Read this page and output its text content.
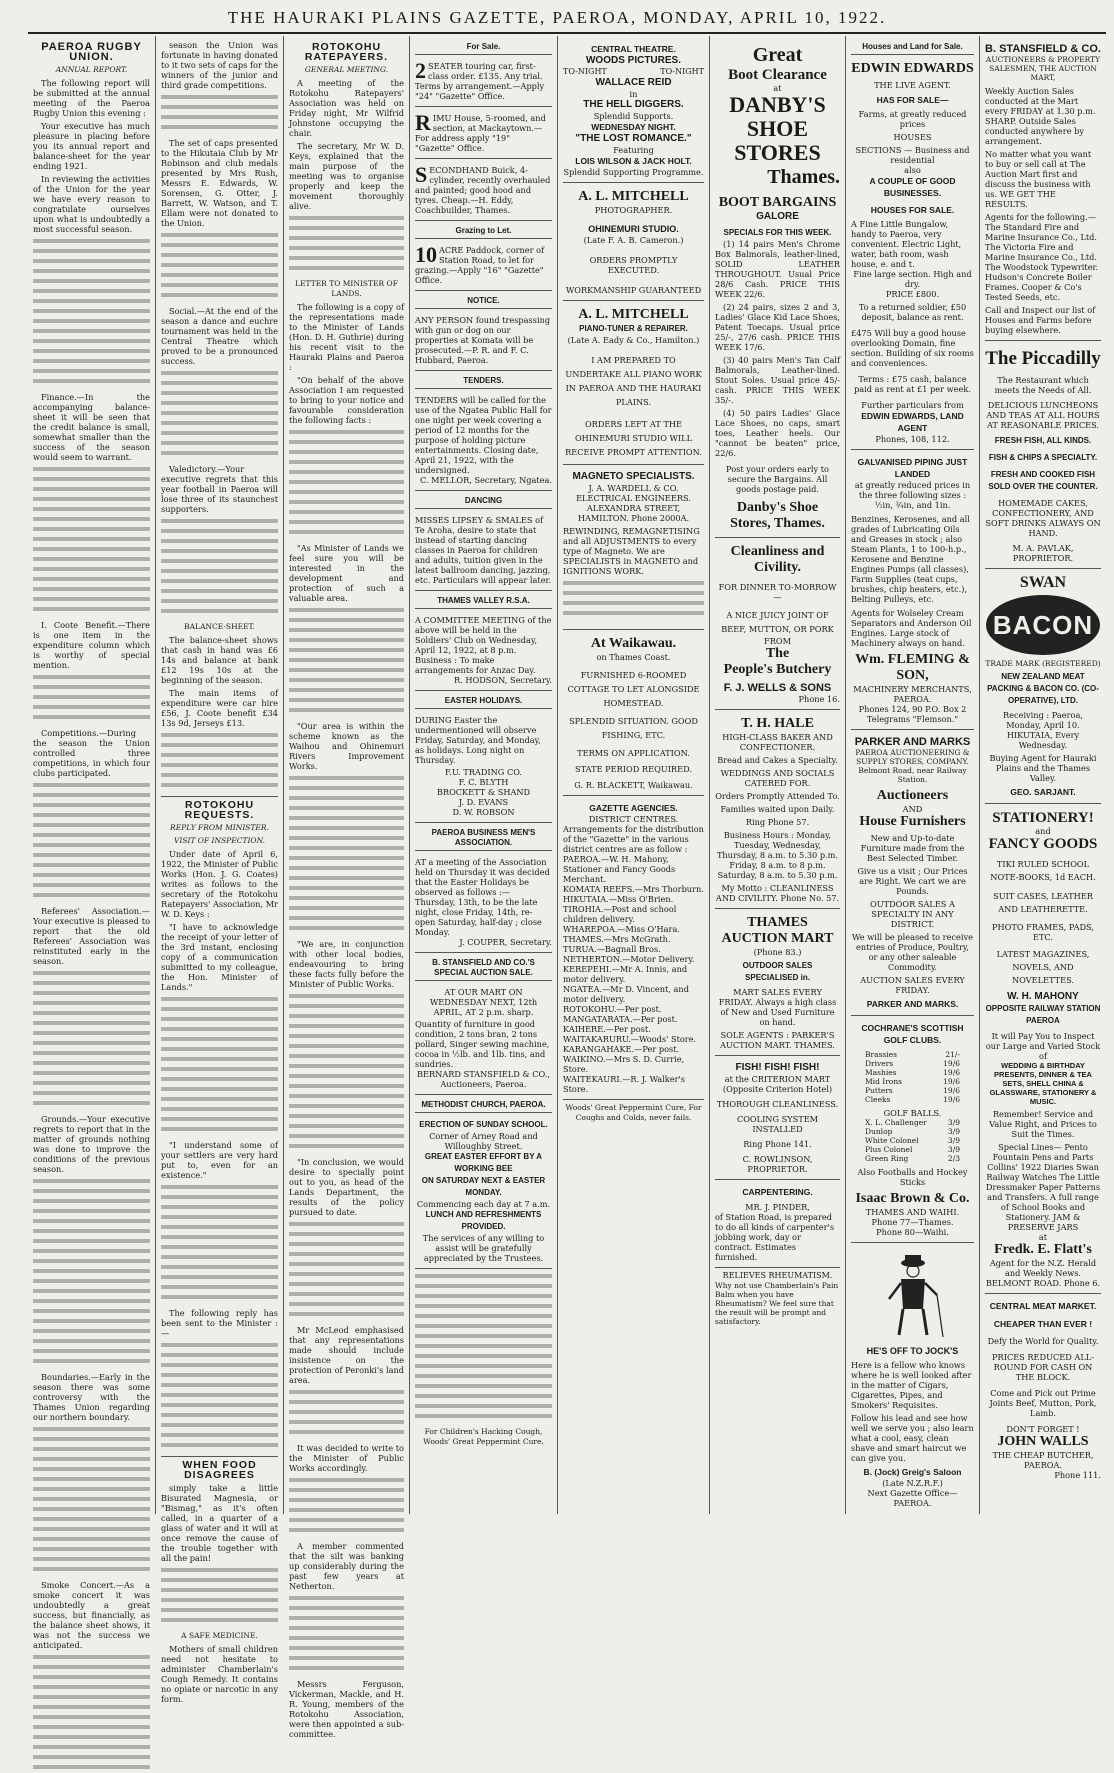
THE HAURAKI PLAINS GAZETTE, PAEROA, MONDAY, APRIL 10, 1922.
PAEROA RUGBY UNION.
ANNUAL REPORT.

The following report will be submitted at the annual meeting of the Paeroa Rugby Union this evening :

Your executive has much pleasure in placing before you its annual report and balance-sheet for the year ending 1921.

In reviewing the activities of the Union for the year we have every reason to congratulate ourselves upon what is undoubtedly a most successful season.

Finance.—In the accompanying balance-sheet it will be seen that the credit balance is small, somewhat smaller than the success of the season would seem to warrant.

I. Coote Benefit.—There is one item in the expenditure column which is worthy of special mention.

Competitions.—During the season the Union controlled three competitions, in which four clubs participated.

Referees' Association.—Your executive is pleased to report that the old Referees' Association was reinstituted early in the season.

Grounds.—Your executive regrets to report that in the matter of grounds nothing was done to improve the conditions of the previous season.

Boundaries.—Early in the season there was some controversy with the Thames Union regarding our northern boundary.

Smoke Concert.—As a smoke concert it was undoubtedly a great success, but financially, as the balance sheet shows, it was not the success we anticipated.

season the Union was fortunate in having donated to it two sets of caps for the winners of the junior and third grade competitions.

The set of caps presented to the Hikutaia Club by Mr Robinson and club medals presented by Mrs Rush, Messrs E. Edwards, W. Sorensen, G. Otter, J. Barrett, W. Watson, and T. Ellam were not donated to the Union.

Social.—At the end of the season a dance and euchre tournament was held in the Central Theatre which proved to be a pronounced success.

Valedictory.—Your executive regrets that this year football in Paeroa will lose three of its staunchest supporters.

BALANCE-SHEET.

The balance-sheet shows that cash in hand was £6 14s and balance at bank £12 19s 10s at the beginning of the season.

The main items of expenditure were car hire £56, J. Coote benefit £34 13s 9d, Jerseys £13.

ROTOKOHU REQUESTS.
REPLY FROM MINISTER.
VISIT OF INSPECTION.

Under date of April 6, 1922, the Minister of Public Works (Hon. J. G. Coates) writes as follows to the secretary of the Rotokohu Ratepayers' Association, Mr W. D. Keys :

"I have to acknowledge the receipt of your letter of the 3rd instant, enclosing copy of a communication submitted to my colleague, the Hon. Minister of Lands."

"I understand some of your settlers are very hard put to, even for an existence."

The following reply has been sent to the Minister :—

WHEN FOOD DISAGREES

simply take a little Bisurated Magnesia, or "Bismag," as it's often called, in a quarter of a glass of water and it will at once remove the cause of the trouble together with all the pain!

A SAFE MEDICINE.

Mothers of small children need not hesitate to administer Chamberlain's Cough Remedy. It contains no opiate or narcotic in any form.

ROTOKOHU RATEPAYERS.
GENERAL MEETING.

A meeting of the Rotokohu Ratepayers' Association was held on Friday night, Mr Wilfrid Johnstone occupying the chair.

The secretary, Mr W. D. Keys, explained that the main purpose of the meeting was to organise properly and keep the movement thoroughly alive.

LETTER TO MINISTER OF LANDS.

The following is a copy of the representations made to the Minister of Lands (Hon. D. H. Guthrie) during his recent visit to the Hauraki Plains and Paeroa :

"On behalf of the above Association I am requested to bring to your notice and favourable consideration the following facts :

"As Minister of Lands we feel sure you will be interested in the development and protection of such a valuable area.

"Our area is within the scheme known as the Waihou and Ohinemuri Rivers Improvement Works.

"We are, in conjunction with other local bodies, endeavouring to bring these facts fully before the Minister of Public Works.

"In conclusion, we would desire to specially point out to you, as head of the Lands Department, the results of the policy pursued to date.

Mr McLeod emphasised that any representations made should include insistence on the protection of Peronki's land area.

It was decided to write to the Minister of Public Works accordingly.

A member commented that the silt was banking up considerably during the past few years at Netherton.

Messrs Ferguson, Vickerman, Mackle, and H. R. Young, members of the Rotokohu Association, were then appointed a sub-committee.

For Sale.
2 SEATER touring car, first-class order. £135. Any trial. Terms by arrangement.—Apply "24" "Gazette" Office.
RIMU House, 5-roomed, and section, at Mackaytown.—For address apply "19" "Gazette" Office.
SECONDHAND Buick, 4-cylinder, recently overhauled and painted; good hood and tyres. Cheap.—H. Eddy, Coachbuilder, Thames.
Grazing to Let.
10 ACRE Paddock, corner of Station Road, to let for grazing.—Apply "16" "Gazette" Office.
NOTICE.
ANY PERSON found trespassing with gun or dog on our properties at Komata will be prosecuted.—P. R. and F. C. Hubbard, Paeroa.
TENDERS.
TENDERS will be called for the use of the Ngatea Public Hall for one night per week covering a period of 12 months for the purpose of holding picture entertainments. Closing date, April 21, 1922, with the undersigned.
C. MELLOR, Secretary, Ngatea.
DANCING
MISSES LIPSEY & SMALES of Te Aroha, desire to state that instead of starting dancing classes in Paeroa for children and adults, tuition given in the latest ballroom dancing, jazzing, etc. Particulars will appear later.
THAMES VALLEY R.S.A.
A COMMITTEE MEETING of the above will be held in the Soldiers' Club on Wednesday, April 12, 1922, at 8 p.m. Business : To make arrangements for Anzac Day.
R. HODSON, Secretary.
EASTER HOLIDAYS.
DURING Easter the undermentioned will observe Friday, Saturday, and Monday, as holidays. Long night on Thursday.
F.U. TRADING CO.
F. C. BLYTH
BROCKETT & SHAND
J. D. EVANS
D. W. ROBSON
PAEROA BUSINESS MEN'S ASSOCIATION.
AT a meeting of the Association held on Thursday it was decided that the Easter Holidays be observed as follows :— Thursday, 13th, to be the late night, close Friday, 14th, re-open Saturday, half-day ; close Monday.
J. COUPER, Secretary.
B. STANSFIELD AND CO.'S SPECIAL AUCTION SALE.
AT OUR MART ON WEDNESDAY NEXT, 12th APRIL, AT 2 p.m. sharp.
Quantity of furniture in good condition, 2 tons bran, 2 tons pollard, Singer sewing machine, cocoa in ½lb. and 1lb. tins, and sundries.
BERNARD STANSFIELD & CO., Auctioneers, Paeroa.
METHODIST CHURCH, PAEROA.
ERECTION OF SUNDAY SCHOOL.
Corner of Arney Road and Willoughby Street.
GREAT EASTER EFFORT BY A WORKING BEE
ON SATURDAY NEXT & EASTER MONDAY.
Commencing each day at 7 a.m.
LUNCH AND REFRESHMENTS PROVIDED.
The services of any willing to assist will be gratefully appreciated by the Trustees.
For Children's Hacking Cough, Woods' Great Peppermint Cure.
CENTRAL THEATRE.
WOODS PICTURES.
TO-NIGHT	TO-NIGHT
WALLACE REID
in
THE HELL DIGGERS.
Splendid Supports.
WEDNESDAY NIGHT.
"THE LOST ROMANCE."
Featuring
LOIS WILSON & JACK HOLT.
Splendid Supporting Programme.
A. L. MITCHELL
PHOTOGRAPHER.
OHINEMURI STUDIO.
(Late F. A. B. Cameron.)
ORDERS PROMPTLY EXECUTED.
WORKMANSHIP GUARANTEED
A. L. MITCHELL
PIANO-TUNER & REPAIRER.
(Late A. Eady & Co., Hamilton.)
I AM PREPARED TO UNDERTAKE ALL PIANO WORK IN PAEROA AND THE HAURAKI PLAINS.
ORDERS LEFT AT THE OHINEMURI STUDIO WILL RECEIVE PROMPT ATTENTION.
MAGNETO SPECIALISTS.
J. A. WARDELL & CO. ELECTRICAL ENGINEERS. ALEXANDRA STREET, HAMILTON. Phone 2000A.
REWINDING, REMAGNETISING and all ADJUSTMENTS to every type of Magneto. We are SPECIALISTS in MAGNETO and IGNITIONS WORK.
At Waikawau.
on Thames Coast.
FURNISHED 6-ROOMED COTTAGE TO LET ALONGSIDE HOMESTEAD.
SPLENDID SITUATION. GOOD FISHING, ETC.
TERMS ON APPLICATION.
STATE PERIOD REQUIRED.
G. R. BLACKETT, Waikawau.
GAZETTE AGENCIES.
DISTRICT CENTRES.
Arrangements for the distribution of the "Gazette" in the various district centres are as follow :
PAEROA.—W. H. Mahony, Stationer and Fancy Goods Merchant.
KOMATA REEFS.—Mrs Thorburn.
HIKUTAIA.—Miss O'Brien.
TIROHIA.—Post and school children delivery.
WHAREPOA.—Miss O'Hara.
THAMES.—Mrs McGrath.
TURUA.—Bagnall Bros.
NETHERTON.—Motor Delivery.
KEREPEHI.—Mr A. Innis, and motor delivery.
NGATEA.—Mr D. Vincent, and motor delivery.
ROTOKOHU.—Per post.
MANGATARATA.—Per post.
KAIHERE.—Per post.
WAITAKARURU.—Woods' Store.
KARANGAHAKE.—Per post.
WAIKINO.—Mrs S. D. Currie, Store.
WAITEKAURI.—R. J. Walker's Store.
Woods' Great Peppermint Cure, For Coughs and Colds, never fails.
Great
Boot Clearance
at
DANBY'S
SHOE
STORES
Thames.
BOOT BARGAINS
GALORE
SPECIALS FOR THIS WEEK.

(1) 14 pairs Men's Chrome Box Balmorals, leather-lined, SOLID LEATHER THROUGHOUT. Usual Price 28/6 Cash. PRICE THIS WEEK 22/6.

(2) 24 pairs, sizes 2 and 3, Ladies' Glace Kid Lace Shoes, Patent Toecaps. Usual price 25/-, 27/6 cash. PRICE THIS WEEK 17/6.

(3) 40 pairs Men's Tan Calf Balmorals, Leather-lined. Stout Soles. Usual price 45/- cash. PRICE THIS WEEK 35/-.

(4) 50 pairs Ladies' Glace Lace Shoes, no caps, smart toes, Leather heels. Our "cannot be beaten" price, 22/6.

Post your orders early to secure the Bargains. All goods postage paid.
Danby's Shoe Stores, Thames.
Cleanliness and Civility.
FOR DINNER TO-MORROW—
A NICE JUICY JOINT OF BEEF, MUTTON, OR PORK
FROM
The
People's Butchery
F. J. WELLS & SONS
Phone 16.
T. H. HALE
HIGH-CLASS BAKER AND CONFECTIONER.
Bread and Cakes a Specialty.
WEDDINGS AND SOCIALS CATERED FOR.
Orders Promptly Attended To.
Families waited upon Daily.
Ring Phone 57.
Business Hours : Monday, Tuesday, Wednesday, Thursday, 8 a.m. to 5.30 p.m. Friday, 8 a.m. to 8 p.m. Saturday, 8 a.m. to 5.30 p.m.
My Motto : CLEANLINESS AND CIVILITY. Phone No. 57.
THAMES
AUCTION MART
(Phone 83.)
OUTDOOR SALES SPECIALISED in.
MART SALES EVERY FRIDAY. Always a high class of New and Used Furniture on hand.
SOLE AGENTS : PARKER'S AUCTION MART. THAMES.
FISH! FISH! FISH!
at the CRITERION MART (Opposite Criterion Hotel)
THOROUGH CLEANLINESS.
COOLING SYSTEM INSTALLED
Ring Phone 141.
C. ROWLINSON, PROPRIETOR.
CARPENTERING.
MR. J. PINDER,
of Station Road, is prepared to do all kinds of carpenter's jobbing work, day or contract. Estimates furnished.
RELIEVES RHEUMATISM.
Why not use Chamberlain's Pain Balm when you have Rheumatism? We feel sure that the result will be prompt and satisfactory.
Houses and Land for Sale.
EDWIN EDWARDS
THE LIVE AGENT.
HAS FOR SALE—
Farms, at greatly reduced prices
HOUSES
SECTIONS — Business and residential
also
A COUPLE OF GOOD BUSINESSES.
HOUSES FOR SALE.
A Fine Little Bungalow, handy to Paeroa, very convenient. Electric Light, water, bath room, wash house, e. and t.
Fine large section. High and dry.
PRICE £800.
To a returned soldier, £50 deposit, balance as rent.
£475 Will buy a good house overlooking Domain, fine section. Building of six rooms and conveniences.
Terms : £75 cash, balance paid as rent at £1 per week.
Further particulars from
EDWIN EDWARDS, LAND AGENT
Phones, 108, 112.
GALVANISED PIPING JUST LANDED
at greatly reduced prices in the three following sizes : ½in, ¾in, and 1in.
Benzines, Kerosenes, and all grades of Lubricating Oils and Greases in stock ; also Steam Plants, 1 to 100-h.p., Kerosene and Benzine Engines Pumps (all classes), Farm Supplies (teat cups, brushes, chip heaters, etc.), Belting Pulleys, etc.
Agents for Wolseley Cream Separators and Anderson Oil Engines. Large stock of Machinery always on hand.
Wm. FLEMING & SON,
MACHINERY MERCHANTS, PAEROA.
Phones 124, 90 P.O. Box 2
Telegrams "Flemson."
PARKER AND MARKS
PAEROA AUCTIONEERING & SUPPLY STORES, COMPANY. Belmont Road, near Railway Station.
Auctioneers
AND
House Furnishers
New and Up-to-date Furniture made from the Best Selected Timber.
Give us a visit ; Our Prices are Right. We cart we are Pounds.
OUTDOOR SALES A SPECIALTY IN ANY DISTRICT.
We will be pleased to receive entries of Produce, Poultry, or any other saleable Commodity.
AUCTION SALES EVERY FRIDAY.
PARKER AND MARKS.
COCHRANE'S SCOTTISH GOLF CLUBS.
Brassies	21/-
Drivers	19/6
Mashies	19/6
Mid Irons	19/6
Putters	19/6
Cleeks	19/6
GOLF BALLS.
X. L. Challenger	3/9
Dunlop	3/9
White Colonel	3/9
Plus Colonel	3/9
Green Ring	2/3
Also Footballs and Hockey Sticks
Isaac Brown & Co.
THAMES AND WAIHI.
Phone 77—Thames.
Phone 80—Waihi.
HE'S OFF TO JOCK'S
Here is a fellow who knows where he is well looked after in the matter of Cigars, Cigarettes, Pipes, and Smokers' Requisites.
Follow his lead and see how well we serve you ; also learn what a cool, easy, clean shave and smart haircut we can give you.
B. (Jock) Greig's Saloon
(Late N.Z.R.F.)
Next Gazette Office—PAEROA.
B. STANSFIELD & CO.
AUCTIONEERS & PROPERTY SALESMEN, THE AUCTION MART,
Weekly Auction Sales conducted at the Mart every FRIDAY at 1.30 p.m. SHARP. Outside Sales conducted anywhere by arrangement.
No matter what you want to buy or sell call at The Auction Mart first and discuss the business with us. WE GET THE RESULTS.
Agents for the following.— The Standard Fire and Marine Insurance Co., Ltd. The Victoria Fire and Marine Insurance Co., Ltd. The Woodstock Typewriter. Hudson's Concrete Boiler Frames. Cooper & Co's Tested Seeds, etc.
Call and Inspect our list of Houses and Farms before buying elsewhere.
The Piccadilly
The Restaurant which meets the Needs of All.
DELICIOUS LUNCHEONS AND TEAS AT ALL HOURS AT REASONABLE PRICES.
FRESH FISH, ALL KINDS.
FISH & CHIPS A SPECIALTY.
FRESH AND COOKED FISH SOLD OVER THE COUNTER.
HOMEMADE CAKES, CONFECTIONERY, AND SOFT DRINKS ALWAYS ON HAND.
M. A. PAVLAK, PROPRIETOR.
SWAN
BACON
TRADE MARK (REGISTERED)
NEW ZEALAND MEAT PACKING & BACON CO. (CO-OPERATIVE), LTD.
Receiving : Paeroa, Monday, April 10. HIKUTAIA, Every Wednesday.
Buying Agent for Hauraki Plains and the Thames Valley.
GEO. SARJANT.
STATIONERY!
and
FANCY GOODS
TIKI RULED SCHOOL NOTE-BOOKS, 1d EACH.
SUIT CASES, LEATHER AND LEATHERETTE.
PHOTO FRAMES, PADS, ETC.
LATEST MAGAZINES, NOVELS, AND NOVELETTES.
W. H. MAHONY
OPPOSITE RAILWAY STATION PAEROA
It will Pay You to Inspect our Large and Varied Stock of
WEDDING & BIRTHDAY PRESENTS, DINNER & TEA SETS, SHELL CHINA & GLASSWARE, STATIONERY & MUSIC.
Remember! Service and Value Right, and Prices to Suit the Times.
Special Lines— Pento Fountain Pens and Parts Collins' 1922 Diaries Swan Railway Watches The Little Dressmaker Paper Patterns and Transfers. A full range of School Books and Stationery. JAM & PRESERVE JARS
at
Fredk. E. Flatt's
Agent for the N.Z. Herald and Weekly News. BELMONT ROAD. Phone 6.
CENTRAL MEAT MARKET.
CHEAPER THAN EVER !
Defy the World for Quality.
PRICES REDUCED ALL-ROUND FOR CASH ON THE BLOCK.
Come and Pick out Prime Joints Beef, Mutton, Pork, Lamb.
DON'T FORGET !
JOHN WALLS
THE CHEAP BUTCHER, PAEROA.
Phone 111.
